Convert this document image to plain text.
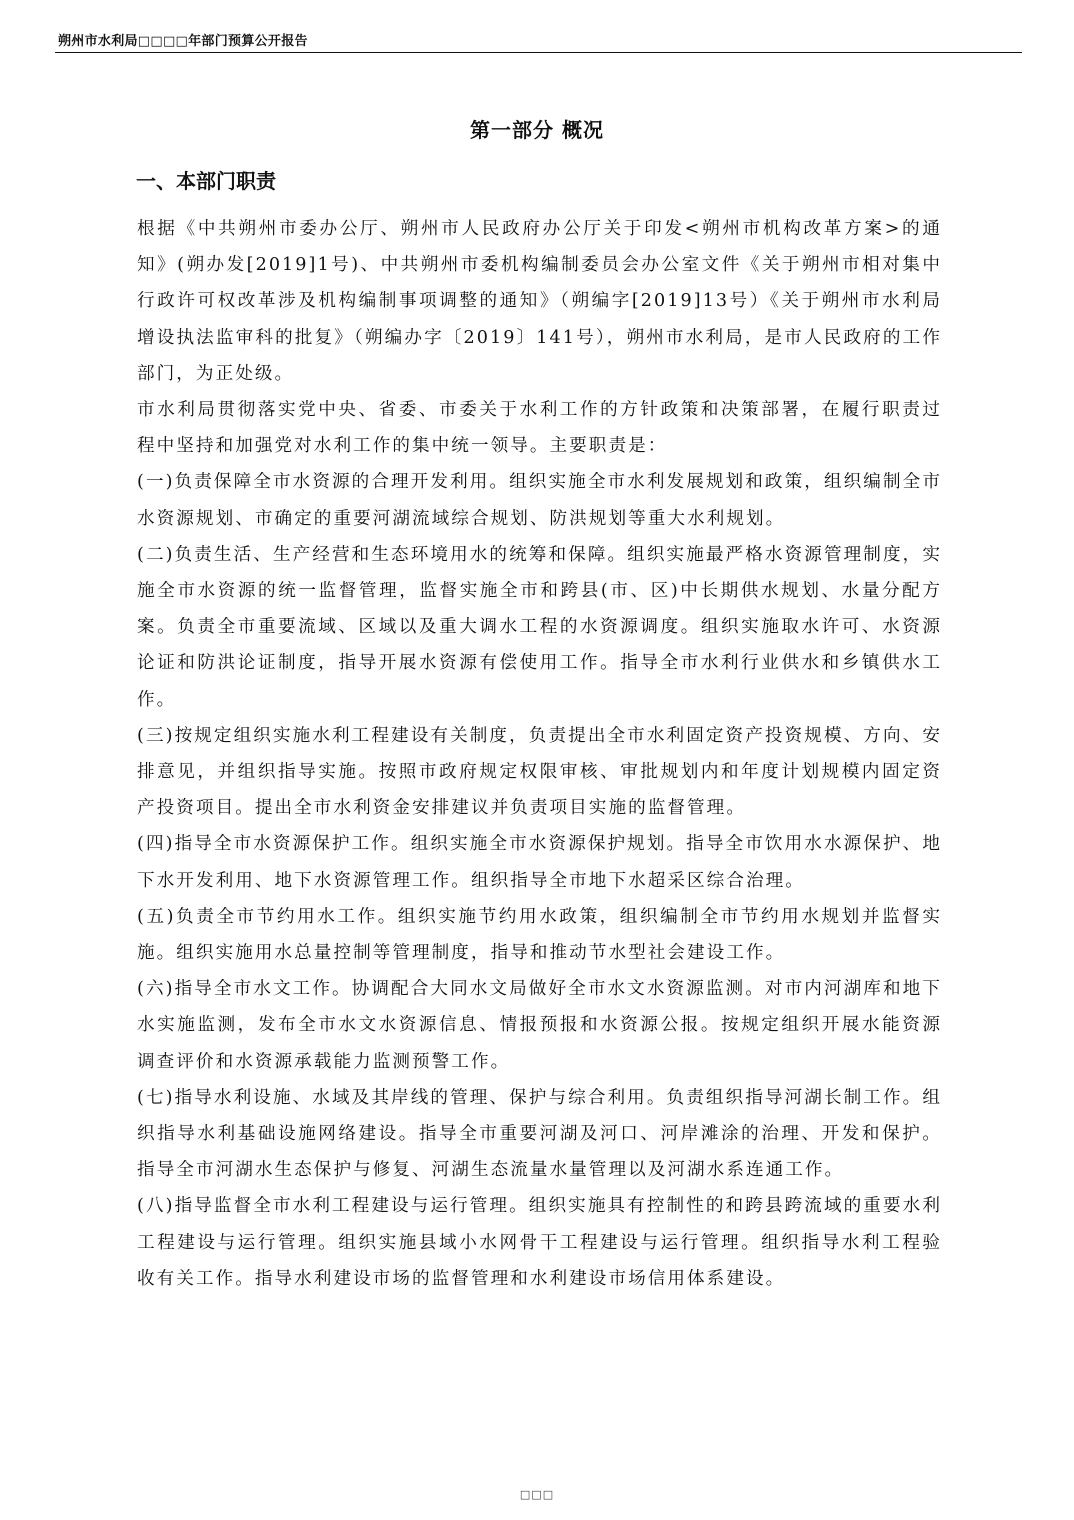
朔州市水利局□□□□年部门预算公开报告
第一部分 概况
一、本部门职责

根据《中共朔州市委办公厅、朔州市人民政府办公厅关于印发<朔州市机构改革方案>的通知》(朔办发[2019]1号)、中共朔州市委机构编制委员会办公室文件《关于朔州市相对集中行政许可权改革涉及机构编制事项调整的通知》（朔编字[2019]13号）《关于朔州市水利局增设执法监审科的批复》（朔编办字〔2019〕141号），朔州市水利局，是市人民政府的工作部门，为正处级。

市水利局贯彻落实党中央、省委、市委关于水利工作的方针政策和决策部署，在履行职责过程中坚持和加强党对水利工作的集中统一领导。主要职责是：

(一)负责保障全市水资源的合理开发利用。组织实施全市水利发展规划和政策，组织编制全市水资源规划、市确定的重要河湖流域综合规划、防洪规划等重大水利规划。

(二)负责生活、生产经营和生态环境用水的统筹和保障。组织实施最严格水资源管理制度，实施全市水资源的统一监督管理，监督实施全市和跨县(市、区)中长期供水规划、水量分配方案。负责全市重要流域、区域以及重大调水工程的水资源调度。组织实施取水许可、水资源论证和防洪论证制度，指导开展水资源有偿使用工作。指导全市水利行业供水和乡镇供水工作。

(三)按规定组织实施水利工程建设有关制度，负责提出全市水利固定资产投资规模、方向、安排意见，并组织指导实施。按照市政府规定权限审核、审批规划内和年度计划规模内固定资产投资项目。提出全市水利资金安排建议并负责项目实施的监督管理。

(四)指导全市水资源保护工作。组织实施全市水资源保护规划。指导全市饮用水水源保护、地下水开发利用、地下水资源管理工作。组织指导全市地下水超采区综合治理。

(五)负责全市节约用水工作。组织实施节约用水政策，组织编制全市节约用水规划并监督实施。组织实施用水总量控制等管理制度，指导和推动节水型社会建设工作。

(六)指导全市水文工作。协调配合大同水文局做好全市水文水资源监测。对市内河湖库和地下水实施监测，发布全市水文水资源信息、情报预报和水资源公报。按规定组织开展水能资源调查评价和水资源承载能力监测预警工作。

(七)指导水利设施、水域及其岸线的管理、保护与综合利用。负责组织指导河湖长制工作。组织指导水利基础设施网络建设。指导全市重要河湖及河口、河岸滩涂的治理、开发和保护。指导全市河湖水生态保护与修复、河湖生态流量水量管理以及河湖水系连通工作。

(八)指导监督全市水利工程建设与运行管理。组织实施具有控制性的和跨县跨流域的重要水利工程建设与运行管理。组织实施县域小水网骨干工程建设与运行管理。组织指导水利工程验收有关工作。指导水利建设市场的监督管理和水利建设市场信用体系建设。

□□□
